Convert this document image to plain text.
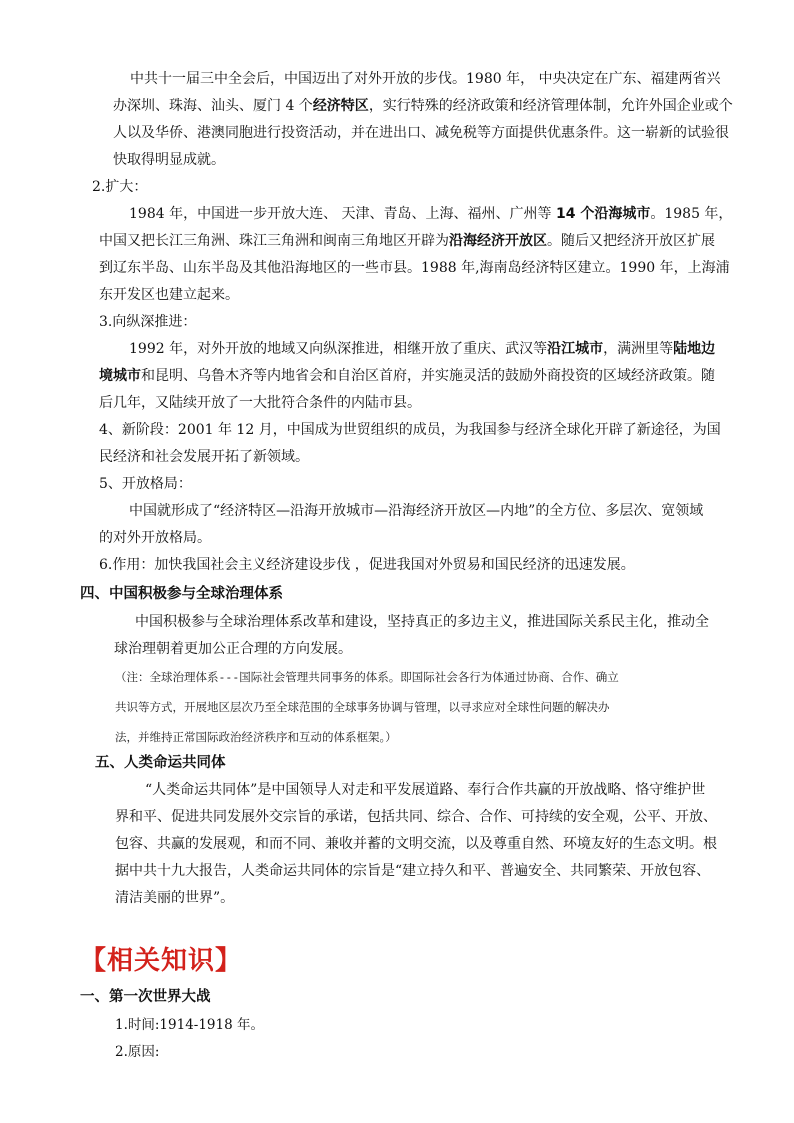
中共十一届三中全会后，中国迈出了对外开放的步伐。1980 年， 中央决定在广东、福建两省兴
办深圳、珠海、汕头、厦门 4 个经济特区，实行特殊的经济政策和经济管理体制，允许外国企业或个
人以及华侨、港澳同胞进行投资活动，并在进出口、减免税等方面提供优惠条件。这一崭新的试验很
快取得明显成就。
2.扩大：
1984 年，中国进一步开放大连、 天津、青岛、上海、福州、广州等 14 个沿海城市。1985 年，
中国又把长江三角洲、珠江三角洲和闽南三角地区开辟为沿海经济开放区。随后又把经济开放区扩展
到辽东半岛、山东半岛及其他沿海地区的一些市县。1988 年,海南岛经济特区建立。1990 年，上海浦
东开发区也建立起来。
3.向纵深推进：
1992 年，对外开放的地域又向纵深推进，相继开放了重庆、武汉等沿江城市，满洲里等陆地边
境城市和昆明、乌鲁木齐等内地省会和自治区首府，并实施灵活的鼓励外商投资的区域经济政策。随
后几年，又陆续开放了一大批符合条件的内陆市县。
4、新阶段：2001 年 12 月，中国成为世贸组织的成员，为我国参与经济全球化开辟了新途径，为国
民经济和社会发展开拓了新领域。
5、开放格局：
中国就形成了“经济特区—沿海开放城市—沿海经济开放区—内地”的全方位、多层次、宽领域
的对外开放格局。
6.作用：加快我国社会主义经济建设步伐 ，促进我国对外贸易和国民经济的迅速发展。
四、中国积极参与全球治理体系
中国积极参与全球治理体系改革和建设，坚持真正的多边主义，推进国际关系民主化，推动全
球治理朝着更加公正合理的方向发展。
（注：全球治理体系---国际社会管理共同事务的体系。即国际社会各行为体通过协商、合作、确立
共识等方式，开展地区层次乃至全球范围的全球事务协调与管理，以寻求应对全球性问题的解决办
法，并维持正常国际政治经济秩序和互动的体系框架。）
五、人类命运共同体
“人类命运共同体”是中国领导人对走和平发展道路、奉行合作共赢的开放战略、恪守维护世
界和平、促进共同发展外交宗旨的承诺，包括共同、综合、合作、可持续的安全观，公平、开放、
包容、共赢的发展观，和而不同、兼收并蓄的文明交流，以及尊重自然、环境友好的生态文明。根
据中共十九大报告，人类命运共同体的宗旨是“建立持久和平、普遍安全、共同繁荣、开放包容、
清洁美丽的世界”。
【相关知识】
一、第一次世界大战
1.时间:1914-1918 年。
2.原因:
